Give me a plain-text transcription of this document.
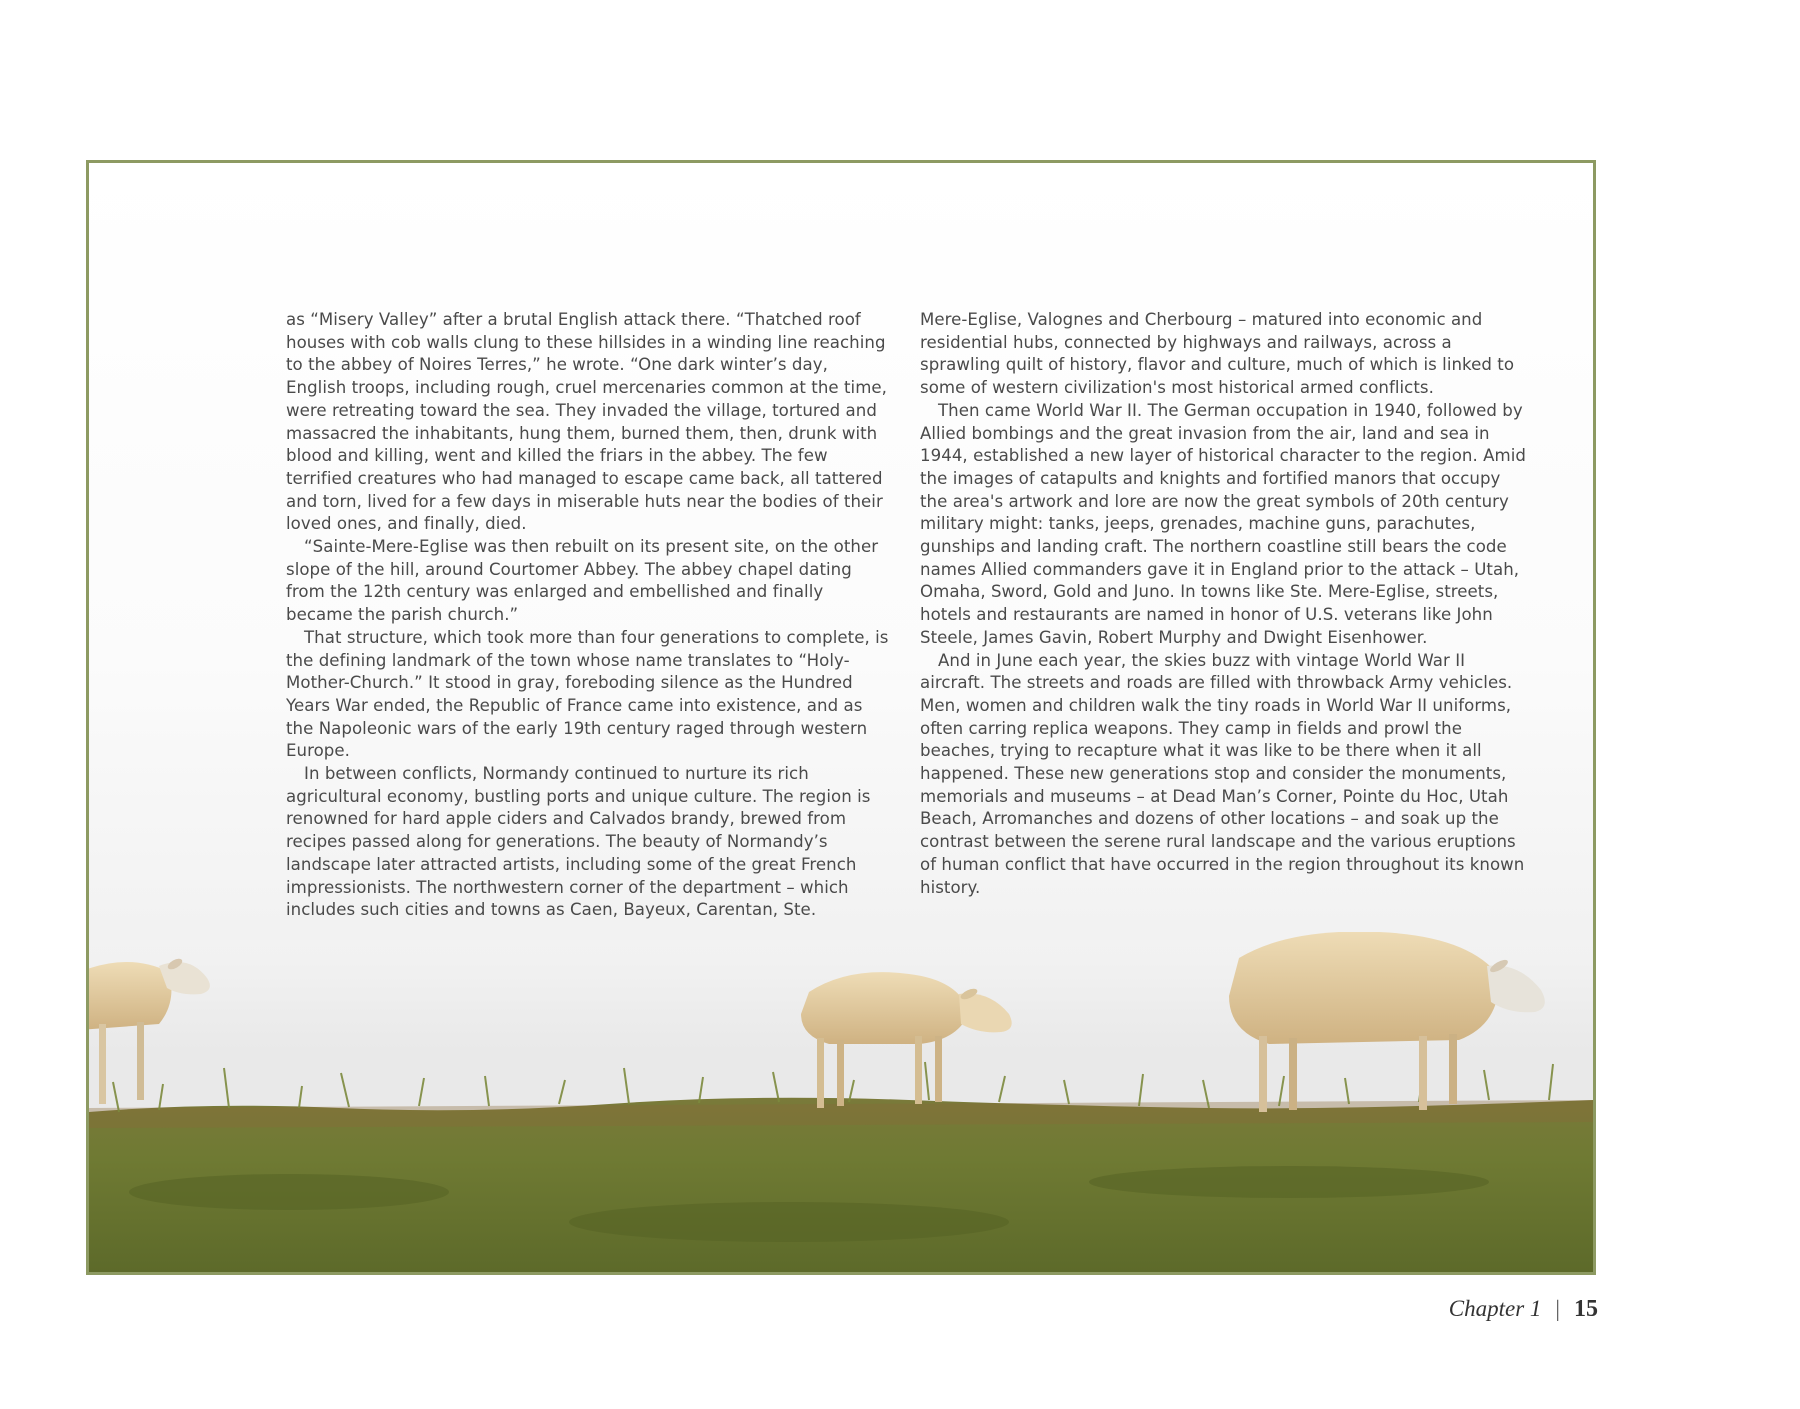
as “Misery Valley” after a brutal English attack there. “Thatched roof houses with cob walls clung to these hillsides in a winding line reaching to the abbey of Noires Terres,” he wrote. “One dark winter’s day, English troops, including rough, cruel mercenaries common at the time, were retreating toward the sea. They invaded the village, tortured and massacred the inhabitants, hung them, burned them, then, drunk with blood and killing, went and killed the friars in the abbey. The few terrified creatures who had managed to escape came back, all tattered and torn, lived for a few days in miserable huts near the bodies of their loved ones, and finally, died.

“Sainte-Mere-Eglise was then rebuilt on its present site, on the other slope of the hill, around Courtomer Abbey. The abbey chapel dating from the 12th century was enlarged and embellished and finally became the parish church.”

That structure, which took more than four generations to complete, is the defining landmark of the town whose name translates to “Holy-Mother-Church.” It stood in gray, foreboding silence as the Hundred Years War ended, the Republic of France came into existence, and as the Napoleonic wars of the early 19th century raged through western Europe.

In between conflicts, Normandy continued to nurture its rich agricultural economy, bustling ports and unique culture. The region is renowned for hard apple ciders and Calvados brandy, brewed from recipes passed along for generations. The beauty of Normandy’s landscape later attracted artists, including some of the great French impressionists. The northwestern corner of the department – which includes such cities and towns as Caen, Bayeux, Carentan, Ste.

Mere-Eglise, Valognes and Cherbourg – matured into economic and residential hubs, connected by highways and railways, across a sprawling quilt of history, flavor and culture, much of which is linked to some of western civilization's most historical armed conflicts.

Then came World War II. The German occupation in 1940, followed by Allied bombings and the great invasion from the air, land and sea in 1944, established a new layer of historical character to the region. Amid the images of catapults and knights and fortified manors that occupy the area's artwork and lore are now the great symbols of 20th century military might: tanks, jeeps, grenades, machine guns, parachutes, gunships and landing craft. The northern coastline still bears the code names Allied commanders gave it in England prior to the attack – Utah, Omaha, Sword, Gold and Juno. In towns like Ste. Mere-Eglise, streets, hotels and restaurants are named in honor of U.S. veterans like John Steele, James Gavin, Robert Murphy and Dwight Eisenhower.

And in June each year, the skies buzz with vintage World War II aircraft. The streets and roads are filled with throwback Army vehicles. Men, women and children walk the tiny roads in World War II uniforms, often carring replica weapons. They camp in fields and prowl the beaches, trying to recapture what it was like to be there when it all happened. These new generations stop and consider the monuments, memorials and museums – at Dead Man’s Corner, Pointe du Hoc, Utah Beach, Arromanches and dozens of other locations – and soak up the contrast between the serene rural landscape and the various eruptions of human conflict that have occurred in the region throughout its known history.

Chapter 1 | 15
